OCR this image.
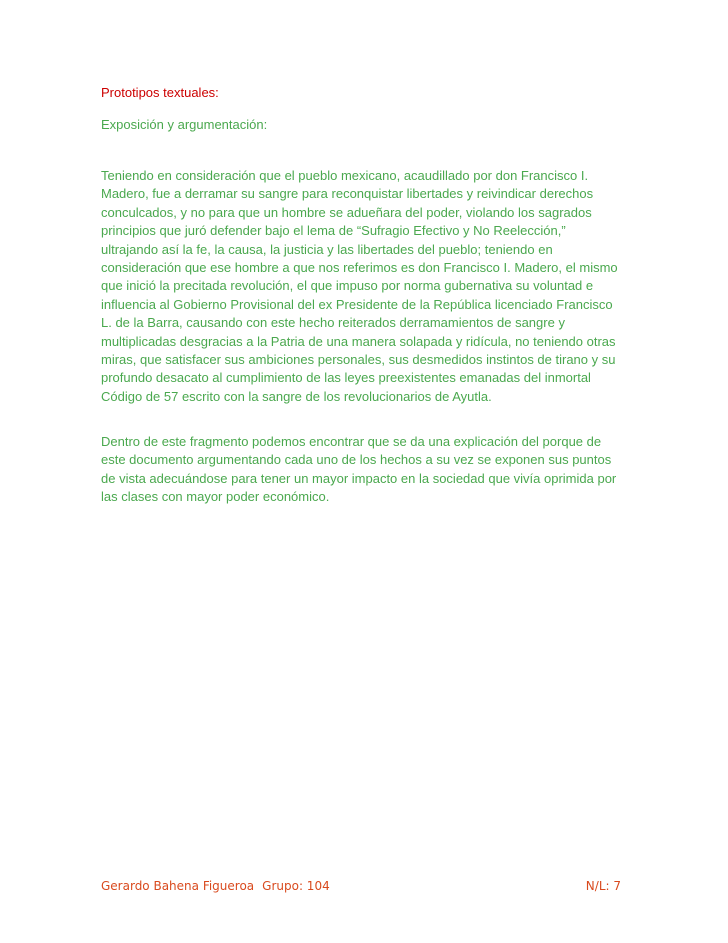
Prototipos textuales:
Exposición y argumentación:
Teniendo en consideración que el pueblo mexicano, acaudillado por don Francisco I.
Madero, fue a derramar su sangre para reconquistar libertades y reivindicar derechos
conculcados, y no para que un hombre se adueñara del poder, violando los sagrados
principios que juró defender bajo el lema de “Sufragio Efectivo y No Reelección,”
ultrajando así la fe, la causa, la justicia y las libertades del pueblo; teniendo en
consideración que ese hombre a que nos referimos es don Francisco I. Madero, el mismo
que inició la precitada revolución, el que impuso por norma gubernativa su voluntad e
influencia al Gobierno Provisional del ex Presidente de la República licenciado Francisco
L. de la Barra, causando con este hecho reiterados derramamientos de sangre y
multiplicadas desgracias a la Patria de una manera solapada y ridícula, no teniendo otras
miras, que satisfacer sus ambiciones personales, sus desmedidos instintos de tirano y su
profundo desacato al cumplimiento de las leyes preexistentes emanadas del inmortal
Código de 57 escrito con la sangre de los revolucionarios de Ayutla.
Dentro de este fragmento podemos encontrar que se da una explicación del porque de
este documento argumentando cada uno de los hechos a su vez se exponen sus puntos
de vista adecuándose para tener un mayor impacto en la sociedad que vivía oprimida por
las clases con mayor poder económico.
Gerardo Bahena Figueroa Grupo: 104	N/L: 7
